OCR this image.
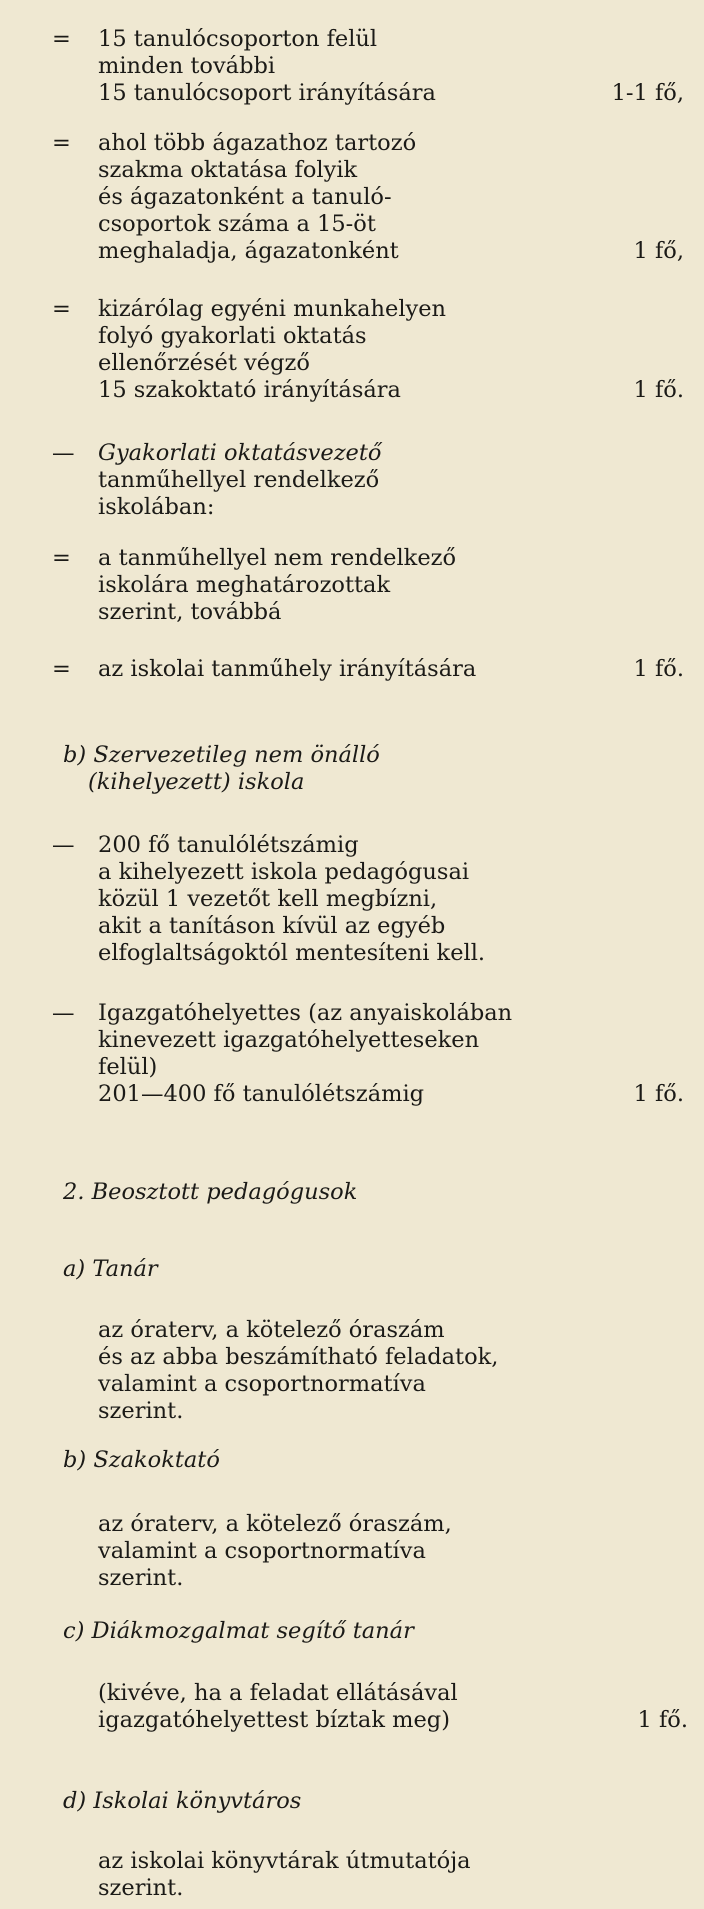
=	15 tanulócsoporton felül
minden további
15 tanulócsoport irányítására	1-1 fő,
=	ahol több ágazathoz tartozó
szakma oktatása folyik
és ágazatonként a tanuló-
csoportok száma a 15-öt
meghaladja, ágazatonként	1 fő,
=	kizárólag egyéni munkahelyen
folyó gyakorlati oktatás
ellenőrzését végző
15 szakoktató irányítására	1 fő.
—	Gyakorlati oktatásvezető
tanműhellyel rendelkező
iskolában:
=	a tanműhellyel nem rendelkező
iskolára meghatározottak
szerint, továbbá
=	az iskolai tanműhely irányítására	1 fő.
b) Szervezetileg nem önálló
(kihelyezett) iskola
—	200 fő tanulólétszámig
a kihelyezett iskola pedagógusai
közül 1 vezetőt kell megbízni,
akit a tanításon kívül az egyéb
elfoglaltságoktól mentesíteni kell.
—	Igazgatóhelyettes (az anyaiskolában
kinevezett igazgatóhelyetteseken
felül)
201—400 fő tanulólétszámig	1 fő.
2. Beosztott pedagógusok
a) Tanár
az óraterv, a kötelező óraszám
és az abba beszámítható feladatok,
valamint a csoportnormatíva
szerint.
b) Szakoktató
az óraterv, a kötelező óraszám,
valamint a csoportnormatíva
szerint.
c) Diákmozgalmat segítő tanár
(kivéve, ha a feladat ellátásával
igazgatóhelyettest bíztak meg)	1 fő.
d) Iskolai könyvtáros
az iskolai könyvtárak útmutatója
szerint.
